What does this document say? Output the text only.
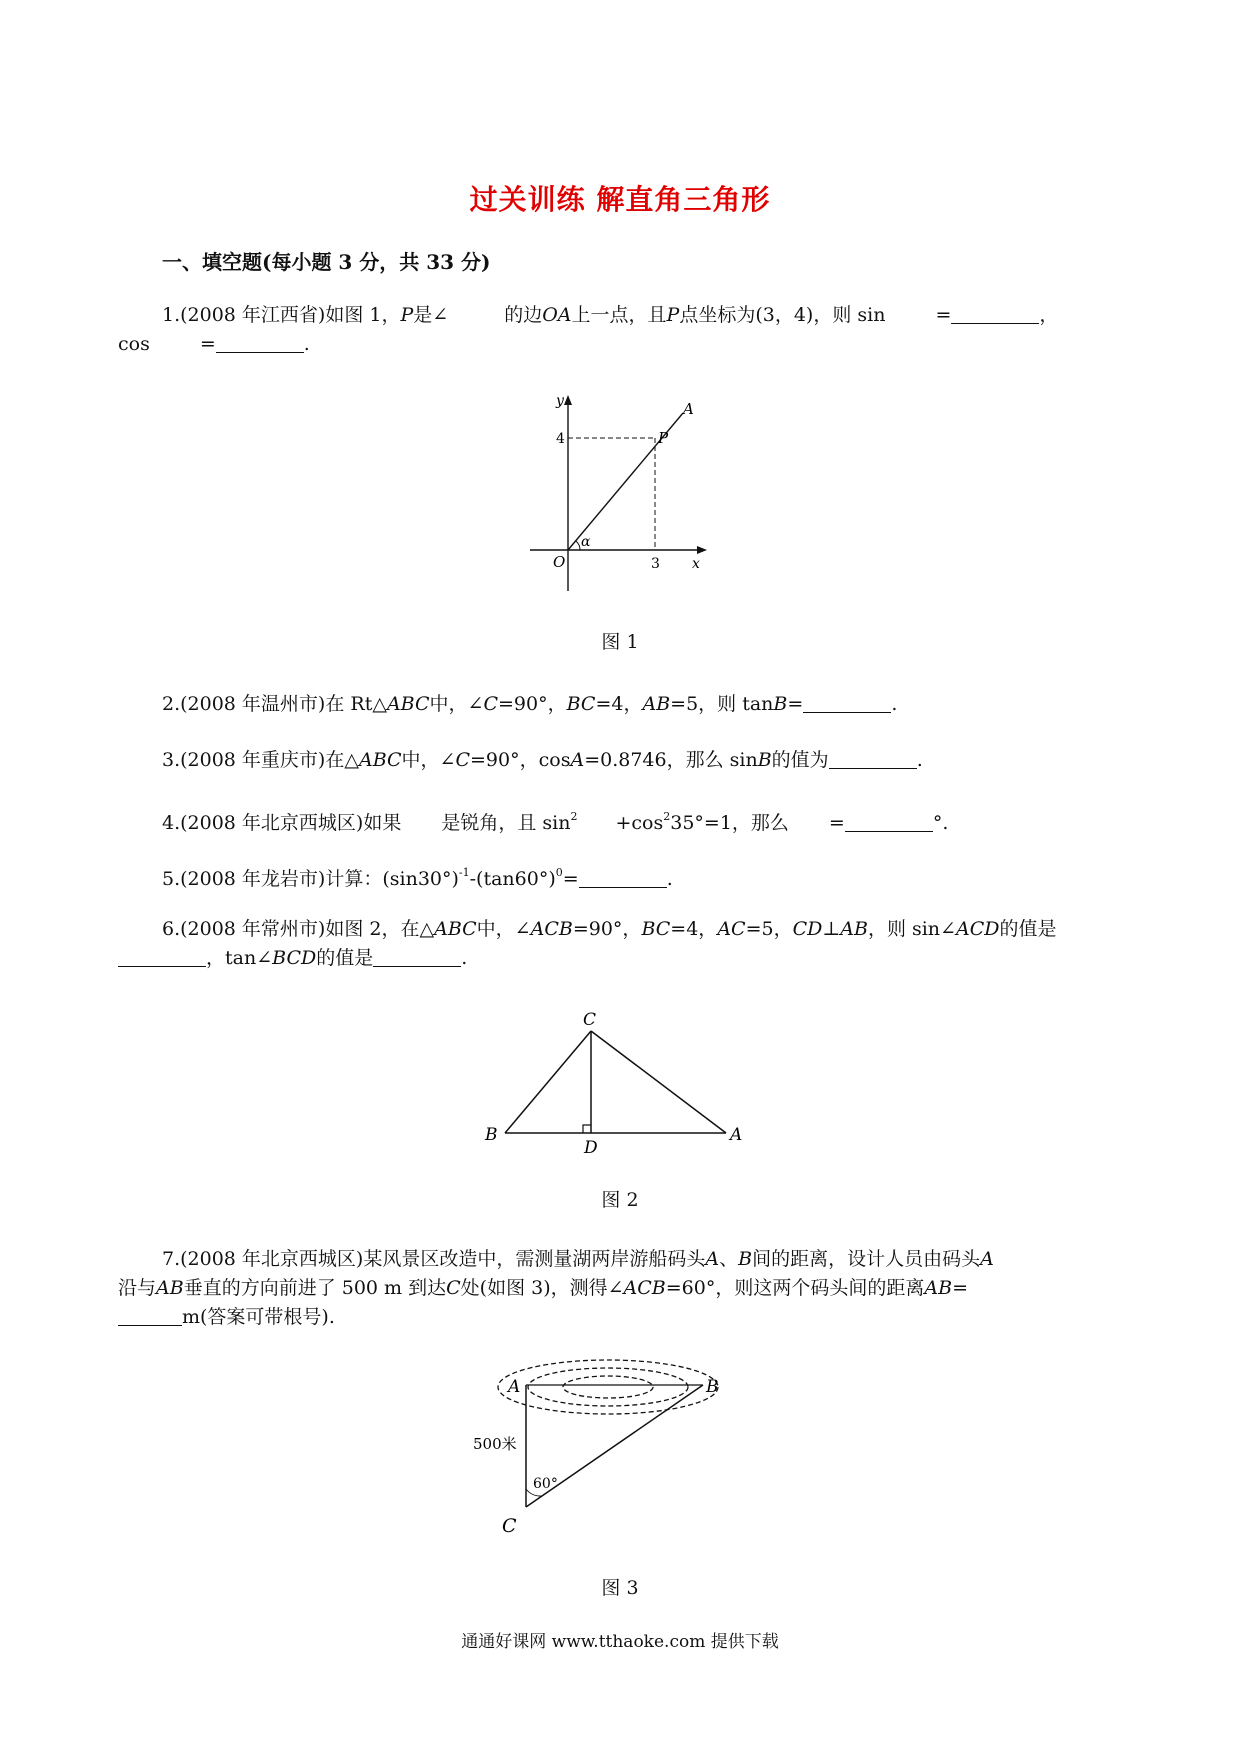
过关训练 解直角三角形
一、填空题(每小题 3 分，共 33 分)
1.(2008 年江西省)如图 1，P是∠	的边OA上一点，且P点坐标为(3，4)，则 sin	=	，
cos	=	.
y
4
A
P
α
O	3 x
图 1
2.(2008 年温州市)在 Rt△ABC中，∠C=90°，BC=4，AB=5，则 tanB=	.
3.(2008 年重庆市)在△ABC中，∠C=90°，cosA=0.8746，那么 sinB的值为	.
4.(2008 年北京西城区)如果 是锐角，且 $\sin^2 +\cos^235^\circ=1$，那么 =	°.
5.(2008 年龙岩市)计算：$(\sin 30^\circ)^{-1}-(\tan 60^\circ)^0=$	.
6.(2008 年常州市)如图 2，在△ABC中，∠ACB=90°，BC=4，AC=5，CD⊥AB，则 sin∠ACD的值是
，tan∠BCD的值是	.
C
B
D
A
图 2
7.(2008 年北京西城区)某风景区改造中，需测量湖两岸游船码头A、B间的距离，设计人员由码头A
沿与AB垂直的方向前进了 500 m 到达C处(如图 3)，测得∠ACB=60°，则这两个码头间的距离AB=
m(答案可带根号).
A	B
500米
60°
C
图 3
通通好课网 www.tthaoke.com 提供下载
